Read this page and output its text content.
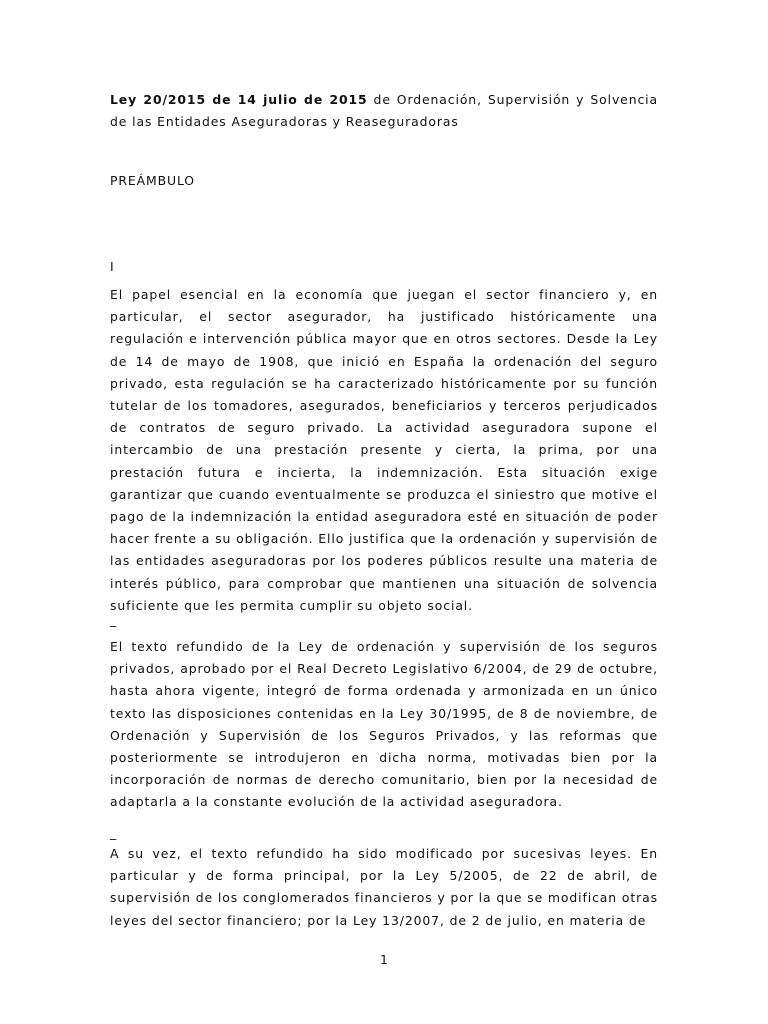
Ley 20/2015 de 14 julio de 2015 de Ordenación, Supervisión y Solvencia de las Entidades Aseguradoras y Reaseguradoras

PREÁMBULO

I

El papel esencial en la economía que juegan el sector financiero y, en particular, el sector asegurador, ha justificado históricamente una regulación e intervención pública mayor que en otros sectores. Desde la Ley de 14 de mayo de 1908, que inició en España la ordenación del seguro privado, esta regulación se ha caracterizado históricamente por su función tutelar de los tomadores, asegurados, beneficiarios y terceros perjudicados de contratos de seguro privado. La actividad aseguradora supone el intercambio de una prestación presente y cierta, la prima, por una prestación futura e incierta, la indemnización. Esta situación exige garantizar que cuando eventualmente se produzca el siniestro que motive el pago de la indemnización la entidad aseguradora esté en situación de poder hacer frente a su obligación. Ello justifica que la ordenación y supervisión de las entidades aseguradoras por los poderes públicos resulte una materia de interés público, para comprobar que mantienen una situación de solvencia suficiente que les permita cumplir su objeto social.

_

El texto refundido de la Ley de ordenación y supervisión de los seguros privados, aprobado por el Real Decreto Legislativo 6/2004, de 29 de octubre, hasta ahora vigente, integró de forma ordenada y armonizada en un único texto las disposiciones contenidas en la Ley 30/1995, de 8 de noviembre, de Ordenación y Supervisión de los Seguros Privados, y las reformas que posteriormente se introdujeron en dicha norma, motivadas bien por la incorporación de normas de derecho comunitario, bien por la necesidad de adaptarla a la constante evolución de la actividad aseguradora.

_

A su vez, el texto refundido ha sido modificado por sucesivas leyes. En particular y de forma principal, por la Ley 5/2005, de 22 de abril, de supervisión de los conglomerados financieros y por la que se modifican otras leyes del sector financiero; por la Ley 13/2007, de 2 de julio, en materia de

1
